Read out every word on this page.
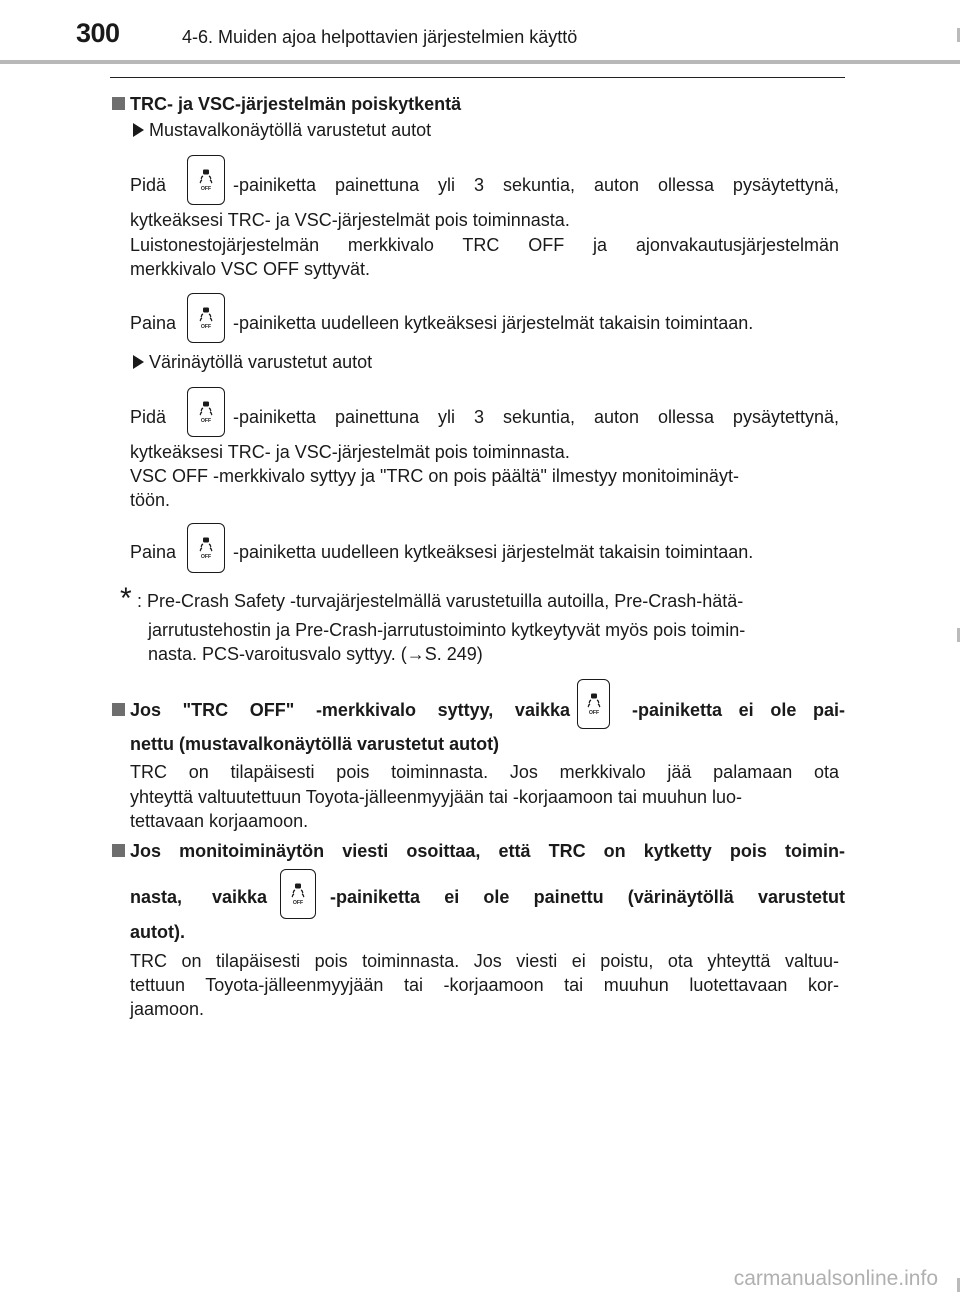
300	4-6. Muiden ajoa helpottavien järjestelmien käyttö
TRC- ja VSC-järjestelmän poiskytkentä
Mustavalkonäytöllä varustetut autot
Pidä	OFF -painiketta painettuna yli 3 sekuntia, auton ollessa pysäytettynä,
kytkeäksesi TRC- ja VSC-järjestelmät pois toiminnasta.
Luistonestojärjestelmän merkkivalo TRC OFF ja ajonvakautusjärjestelmän
merkkivalo VSC OFF syttyvät.
Paina	OFF -painiketta uudelleen kytkeäksesi järjestelmät takaisin toimintaan.
Värinäytöllä varustetut autot
Pidä	OFF -painiketta painettuna yli 3 sekuntia, auton ollessa pysäytettynä,
kytkeäksesi TRC- ja VSC-järjestelmät pois toiminnasta.
VSC OFF -merkkivalo syttyy ja "TRC on pois päältä" ilmestyy monitoiminäyt-
töön.
Paina	OFF -painiketta uudelleen kytkeäksesi järjestelmät takaisin toimintaan.
* : Pre-Crash Safety -turvajärjestelmällä varustetuilla autoilla, Pre-Crash-hätä-
jarrutustehostin ja Pre-Crash-jarrutustoiminto kytkeytyvät myös pois toimin-
nasta. PCS-varoitusvalo syttyy. (→S. 249)
Jos "TRC OFF" -merkkivalo syttyy, vaikka	OFF -painiketta ei ole pai-
nettu (mustavalkonäytöllä varustetut autot)
TRC on tilapäisesti pois toiminnasta. Jos merkkivalo jää palamaan ota
yhteyttä valtuutettuun Toyota-jälleenmyyjään tai -korjaamoon tai muuhun luo-
tettavaan korjaamoon.
Jos monitoiminäytön viesti osoittaa, että TRC on kytketty pois toimin-
nasta, vaikka	OFF -painiketta ei ole painettu (värinäytöllä varustetut
autot).
TRC on tilapäisesti pois toiminnasta. Jos viesti ei poistu, ota yhteyttä valtuu-
tettuun Toyota-jälleenmyyjään tai -korjaamoon tai muuhun luotettavaan kor-
jaamoon.
carmanualsonline.info
